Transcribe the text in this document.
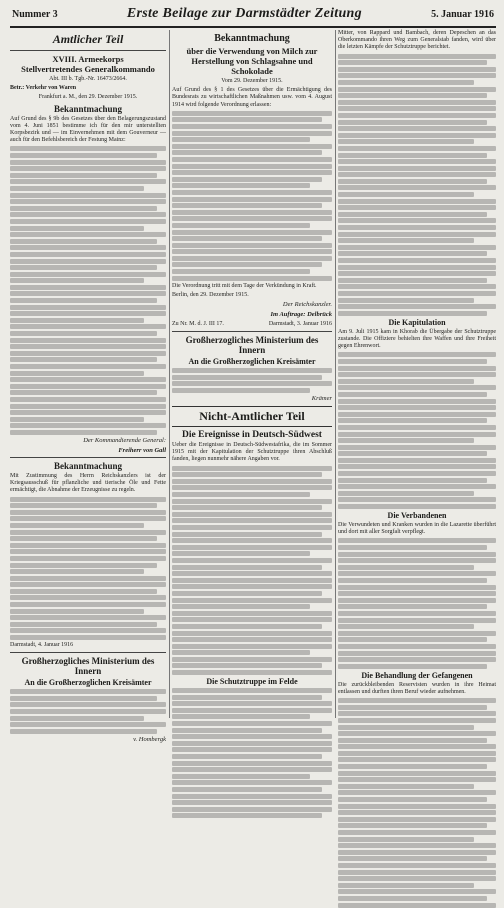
Nummer 3	Erste Beilage zur Darmstädter Zeitung	5. Januar 1916
Amtlicher Teil
XVIII. Armeekorps
Stellvertretendes Generalkommando
Abt. III b. Tgb.-Nr. 16473/2664.
Betr.: Verkehr von Waren
Frankfurt a. M., den 29. Dezember 1915.
Bekanntmachung

Auf Grund des § 9b des Gesetzes über den Belagerungszustand vom 4. Juni 1851 bestimme ich für den mir unterstellten Korpsbezirk und — im Einvernehmen mit dem Gouverneur — auch für den Befehlsbereich der Festung Mainz:

Der Kommandierende General:
Freiherr von Gall
Bekanntmachung

Mit Zustimmung des Herrn Reichskanzlers ist der Kriegsausschuß für pflanzliche und tierische Öle und Fette ermächtigt, die Abnahme der Erzeugnisse zu regeln.

Darmstadt, 4. Januar 1916
Großherzogliches Ministerium des Innern
An die Großherzoglichen Kreisämter
v. Hombergk
Bekanntmachung
über die Verwendung von Milch zur Herstellung von Schlagsahne und Schokolade
Vom 29. Dezember 1915.

Auf Grund des § 1 des Gesetzes über die Ermächtigung des Bundesrats zu wirtschaftlichen Maßnahmen usw. vom 4. August 1914 wird folgende Verordnung erlassen:

Die Verordnung tritt mit dem Tage der Verkündung in Kraft.

Berlin, den 29. Dezember 1915.
Der Reichskanzler.
Im Auftrage: Delbrück
Zu Nr. M. d. J. III 17.	Darmstadt, 3. Januar 1916
Großherzogliches Ministerium des Innern
An die Großherzoglichen Kreisämter
Krämer
Nicht-Amtlicher Teil
Die Ereignisse in Deutsch-Südwest

Ueber die Ereignisse in Deutsch-Südwestafrika, die im Sommer 1915 mit der Kapitulation der Schutztruppe ihren Abschluß fanden, liegen nunmehr nähere Angaben vor.

Die Schutztruppe im Felde

Mitter, von Rappard und Bambach, deren Depeschen an das Oberkommando ihren Weg zum Generalstab fanden, wird über die letzten Kämpfe der Schutztruppe berichtet.

Die Kapitulation

Am 9. Juli 1915 kam in Khorab die Übergabe der Schutztruppe zustande. Die Offiziere behielten ihre Waffen und ihre Freiheit gegen Ehrenwort.

Die Verbandenen

Die Verwundeten und Kranken wurden in die Lazarette überführt und dort mit aller Sorgfalt verpflegt.

Die Behandlung der Gefangenen

Die zurückbleibenden Reservisten wurden in ihre Heimat entlassen und durften ihren Beruf wieder aufnehmen.
